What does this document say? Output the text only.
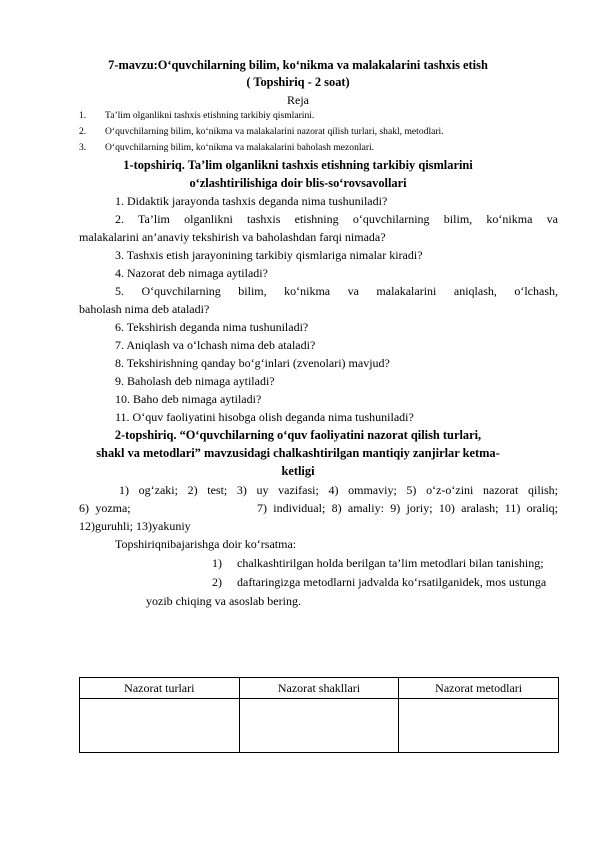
7-mavzu:O‘quvchilarning bilim, ko‘nikma va malakalarini tashxis etish
( Topshiriq - 2 soat)
Reja
1. Ta’lim olganlikni tashxis etishning tarkibiy qismlarini.
2. O‘quvchilarning bilim, ko‘nikma va malakalarini nazorat qilish turlari, shakl, metodlari.
3. O‘quvchilarning bilim, ko‘nikma va malakalarini baholash mezonlari.
1-topshiriq. Ta’lim olganlikni tashxis etishning tarkibiy qismlarini
o‘zlashtirilishiga doir blis-so‘rovsavollari
1. Didaktik jarayonda tashxis deganda nima tushuniladi?
2. Ta’lim olganlikni tashxis etishning o‘quvchilarning bilim, ko‘nikma va
malakalarini an’anaviy tekshirish va baholashdan farqi nimada?
3. Tashxis etish jarayonining tarkibiy qismlariga nimalar kiradi?
4. Nazorat deb nimaga aytiladi?
5. O‘quvchilarning bilim, ko‘nikma va malakalarini aniqlash, o‘lchash,
baholash nima deb ataladi?
6. Tekshirish deganda nima tushuniladi?
7. Aniqlash va o‘lchash nima deb ataladi?
8. Tekshirishning qanday bo‘g‘inlari (zvenolari) mavjud?
9. Baholash deb nimaga aytiladi?
10. Baho deb nimaga aytiladi?
11. O‘quv faoliyatini hisobga olish deganda nima tushuniladi?
2-topshiriq. “O‘quvchilarning o‘quv faoliyatini nazorat qilish turlari,
shakl va metodlari” mavzusidagi chalkashtirilgan mantiqiy zanjirlar ketma-
ketligi
1) og‘zaki; 2) test; 3) uy vazifasi; 4) ommaviy; 5) o‘z-o‘zini nazorat qilish;
6) yozma;                    7) individual; 8) amaliy: 9) joriy; 10) aralash; 11) oraliq;
12)guruhli; 13)yakuniy
Topshiriqnibajarishga doir ko‘rsatma:
1) chalkashtirilgan holda berilgan ta’lim metodlari bilan tanishing;
2) daftaringizga metodlarni jadvalda ko‘rsatilganidek, mos ustunga
yozib chiqing va asoslab bering.
Nazorat turlari	Nazorat shakllari	Nazorat metodlari
